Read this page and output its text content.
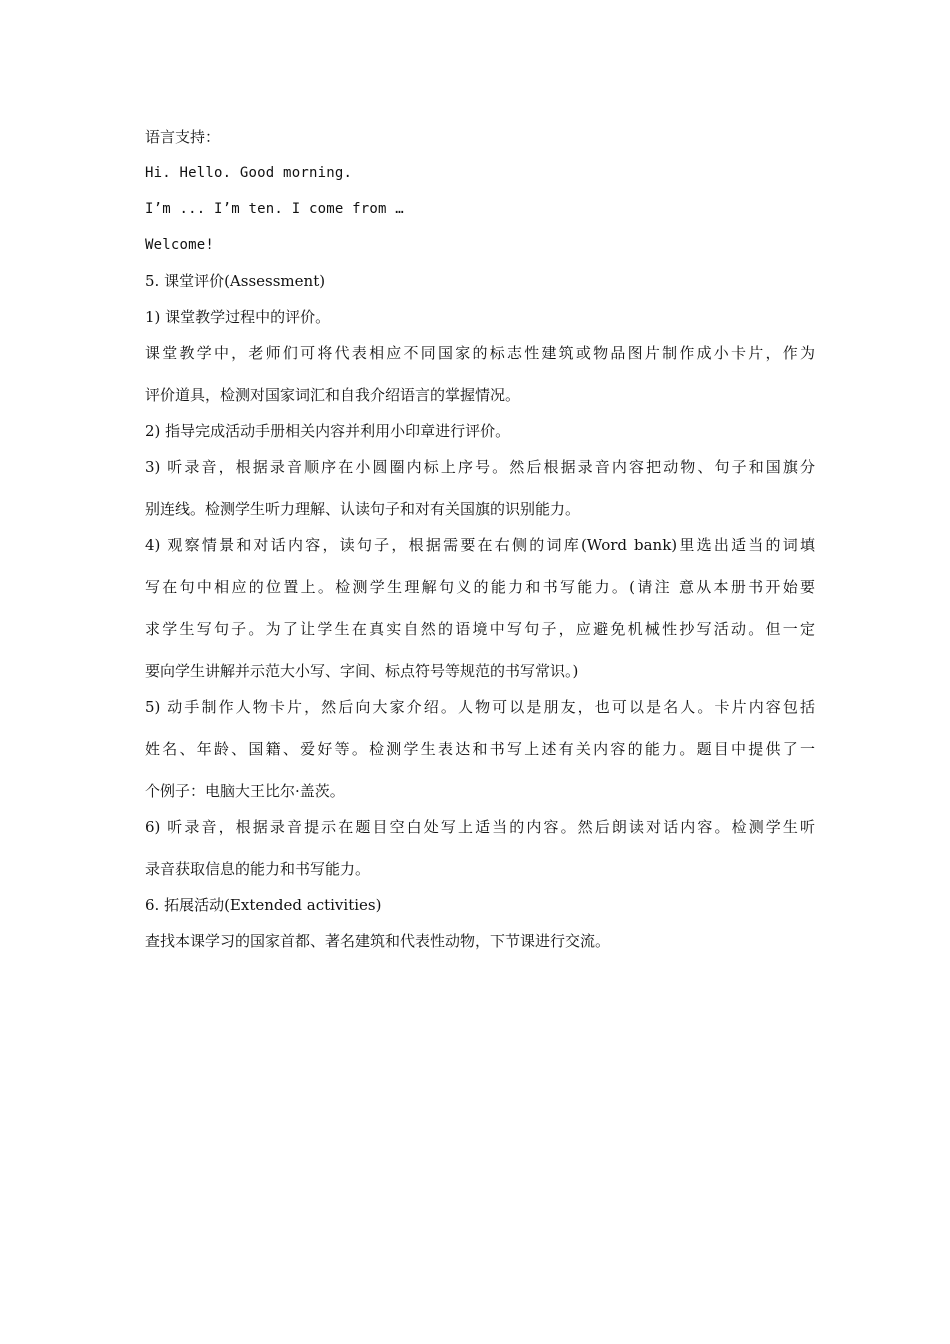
语言支持：

Hi. Hello. Good morning.

I’m ... I’m ten. I come from …

Welcome!

5. 课堂评价(Assessment)

1) 课堂教学过程中的评价。

课堂教学中，老师们可将代表相应不同国家的标志性建筑或物品图片制作成小卡片，作为

评价道具，检测对国家词汇和自我介绍语言的掌握情况。

2) 指导完成活动手册相关内容并利用小印章进行评价。

3) 听录音，根据录音顺序在小圆圈内标上序号。然后根据录音内容把动物、句子和国旗分

别连线。检测学生听力理解、认读句子和对有关国旗的识别能力。

4) 观察情景和对话内容，读句子，根据需要在右侧的词库(Word bank)里选出适当的词填

写在句中相应的位置上。检测学生理解句义的能力和书写能力。(请注 意从本册书开始要

求学生写句子。为了让学生在真实自然的语境中写句子，应避免机械性抄写活动。但一定

要向学生讲解并示范大小写、字间、标点符号等规范的书写常识。)

5) 动手制作人物卡片，然后向大家介绍。人物可以是朋友，也可以是名人。卡片内容包括

姓名、年龄、国籍、爱好等。检测学生表达和书写上述有关内容的能力。题目中提供了一

个例子：电脑大王比尔·盖茨。

6) 听录音，根据录音提示在题目空白处写上适当的内容。然后朗读对话内容。检测学生听

录音获取信息的能力和书写能力。

6. 拓展活动(Extended activities)

查找本课学习的国家首都、著名建筑和代表性动物，下节课进行交流。
